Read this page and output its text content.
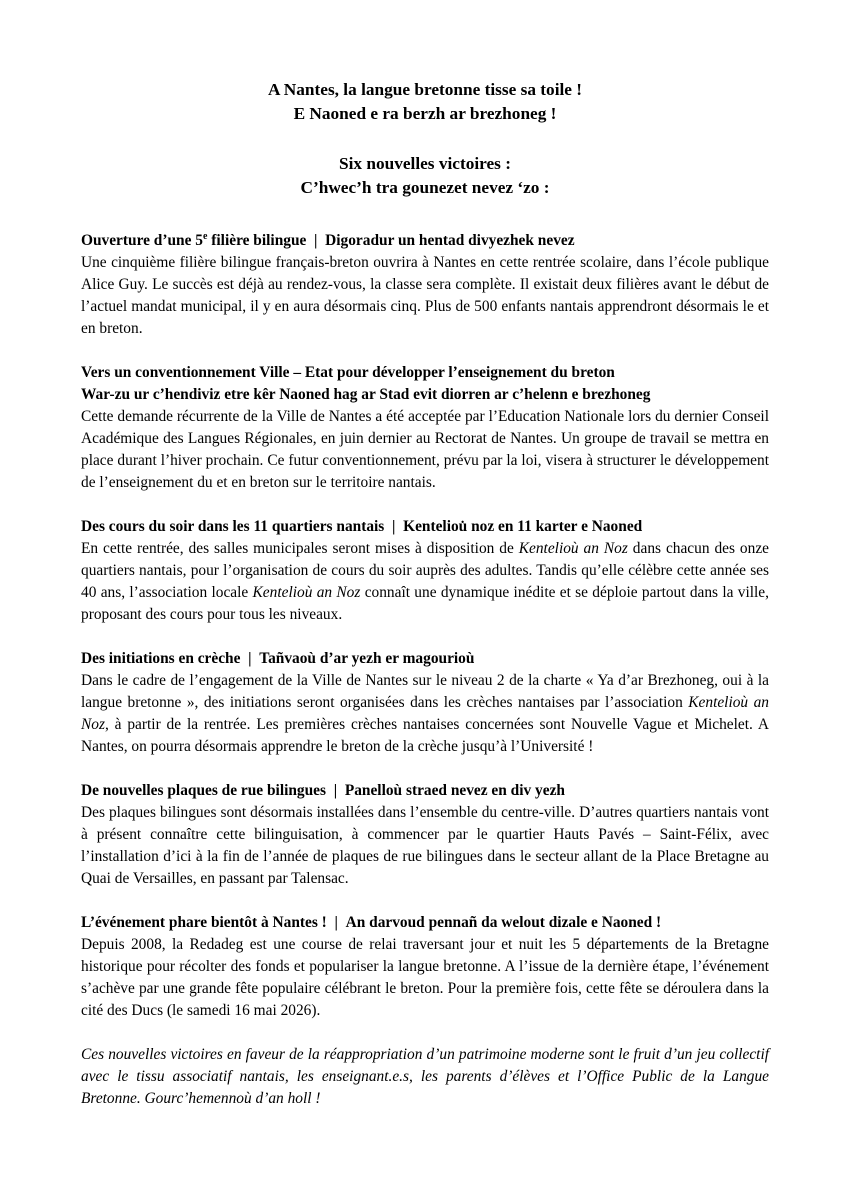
A Nantes, la langue bretonne tisse sa toile !

E Naoned e ra berzh ar brezhoneg !

Six nouvelles victoires :

C’hwec’h tra gounezet nevez ‘zo :

Ouverture d’une 5e filière bilingue | Digoradur un hentad divyezhek nevez

Une cinquième filière bilingue français-breton ouvrira à Nantes en cette rentrée scolaire, dans l’école publique Alice Guy. Le succès est déjà au rendez-vous, la classe sera complète. Il existait deux filières avant le début de l’actuel mandat municipal, il y en aura désormais cinq. Plus de 500 enfants nantais apprendront désormais le et en breton.

Vers un conventionnement Ville – Etat pour développer l’enseignement du breton

War-zu ur c’hendiviz etre kêr Naoned hag ar Stad evit diorren ar c’helenn e brezhoneg

Cette demande récurrente de la Ville de Nantes a été acceptée par l’Education Nationale lors du dernier Conseil Académique des Langues Régionales, en juin dernier au Rectorat de Nantes. Un groupe de travail se mettra en place durant l’hiver prochain. Ce futur conventionnement, prévu par la loi, visera à structurer le développement de l’enseignement du et en breton sur le territoire nantais.

Des cours du soir dans les 11 quartiers nantais | Kenteliou̇ noz en 11 karter e Naoned

En cette rentrée, des salles municipales seront mises à disposition de Kentelioù an Noz dans chacun des onze quartiers nantais, pour l’organisation de cours du soir auprès des adultes. Tandis qu’elle célèbre cette année ses 40 ans, l’association locale Kentelioù an Noz connaît une dynamique inédite et se déploie partout dans la ville, proposant des cours pour tous les niveaux.

Des initiations en crèche | Tañvaoù d’ar yezh er magourioù

Dans le cadre de l’engagement de la Ville de Nantes sur le niveau 2 de la charte « Ya d’ar Brezhoneg, oui à la langue bretonne », des initiations seront organisées dans les crèches nantaises par l’association Kentelioù an Noz, à partir de la rentrée. Les premières crèches nantaises concernées sont Nouvelle Vague et Michelet. A Nantes, on pourra désormais apprendre le breton de la crèche jusqu’à l’Université !

De nouvelles plaques de rue bilingues | Panelloù straed nevez en div yezh

Des plaques bilingues sont désormais installées dans l’ensemble du centre-ville. D’autres quartiers nantais vont à présent connaître cette bilinguisation, à commencer par le quartier Hauts Pavés – Saint-Félix, avec l’installation d’ici à la fin de l’année de plaques de rue bilingues dans le secteur allant de la Place Bretagne au Quai de Versailles, en passant par Talensac.

L’événement phare bientôt à Nantes ! | An darvoud pennañ da welout dizale e Naoned !

Depuis 2008, la Redadeg est une course de relai traversant jour et nuit les 5 départements de la Bretagne historique pour récolter des fonds et populariser la langue bretonne. A l’issue de la dernière étape, l’événement s’achève par une grande fête populaire célébrant le breton. Pour la première fois, cette fête se déroulera dans la cité des Ducs (le samedi 16 mai 2026).

Ces nouvelles victoires en faveur de la réappropriation d’un patrimoine moderne sont le fruit d’un jeu collectif avec le tissu associatif nantais, les enseignant.e.s, les parents d’élèves et l’Office Public de la Langue Bretonne. Gourc’hemennoù d’an holl !
